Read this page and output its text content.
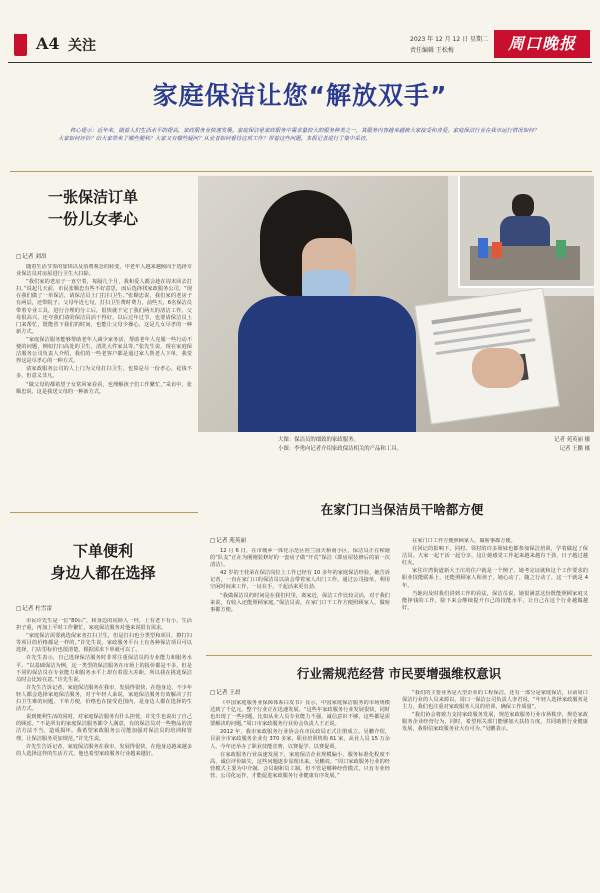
A4 关注	2023 年 12 月 12 日 星期二
责任编辑 王松梅	周口晚报
家庭保洁让您“解放双手”
核心提示：近年来，随着人们生活水平的提高，家政服务业快速发展。家庭保洁是家政服务中需求量较大的服务种类之一，其服务内容越来越被大家接受和喜爱。家庭保洁行业在我市运行情况如何？大家如何评价？给大家带来了哪些便利？大家又有哪些疑问？从业者如何看待这项工作？带着这些问题，本报记者进行了集中采访。
一张保洁订单
一份儿女孝心
□ 记者 刘昂

随着生活节奏的加快以及消费观念的转变，中老年人越来越倾向于选择专业保洁员对房屋进行卫生大扫除。

“我们家的老房子一直空着，每隔几个月，我和爱人都会趁在周末回去打扫。”说起几天前，市民张顺忠有些不好意思，而后选择找家政服务公司。“现在我们做了一单保洁，请保洁员上门打扫卫生。”张顺忠说，我们家的老房子有两层，还带院子。父母年近七旬，打扫卫生费时费力，前些天，6名保洁员带着专业工具，进行合理的分工后，很快就干完了我们两天的清洁工作。父母很高兴，还夸我们请的保洁员活干得好，以后过年过节，也要请保洁员上门来帮忙，既能省下我们的时间，也能让父母少操心，这是儿女尽孝的一种新方式。

“家庭保洁服务能够帮助老年人减少家务活，帮助老年人克服一些行动不便的问题，例如打扫高处的卫生、清洗大件家具等。”张先生说，现在家庭保洁服务公司负责人介绍，我们的一些老客户都是通过家人帮老人下单，我觉得这是尽孝心的一种方式。

请家政服务公司的人上门为父母打扫卫生，也算是尽一份孝心，花钱不多，但意义非凡。

“做父母的都希望子女常回家看看，也理解孩子们工作繁忙，”采访中，张顺忠说，这是我送父母的一种新方式。

大图：保洁员的细致的家政服务。	记者 苑英丽 摄
小图：李勇向记者介绍家政保洁相关的产品和工具。	记者 王鹏 摄
在家门口当保洁员干啥都方便
□ 记者 苑英丽

12 月 6 日，在市城乡一体化示范区桂兰园天桥南小区，保洁员正在和她的“队友”正在为刚刚装修好的一套房子做“开荒”保洁（即房屋装修后的第一次清洁）。

42 岁的王桂荣在保洁岗位上工作已经有 10 多年的家庭保洁经验，她告诉记者，一直在家门口的保洁员以前会带着家人出门工作，通过公司接单，利用空闲时间来工作，一证在手，干起活来更有劲。

“我做保洁员的时间是在我们村里，离家近，保洁工作比较灵活，对于我们来说，有收入还能照顾家庭。”保洁员说，在家门口干工作方便照顾家人，做啥事都方便。

在家门口工作方便照顾家人，做啥事都方便。

在回记的影响下，同村、邻村的许多姐妹也都参加保洁培训，学着做起了保洁员。大家一起干活一起分享，这让她感觉工作起来越来越有干劲，日子越过越红火。

家住许湾街道新大王庄的住户就是一个例子。她考完证就和这个工作要求的职业技能联系上，还能照顾家人和孩子，她心动了，随之行动了，这一干就是 4 年。

当她向及时我们讲到工作的看法，保洁员说，她很满意这份既能照顾家庭又能挣钱的工作，除下来会继续提升自己的技能水平，让自己在这个行业越做越好。

下单便利
身边人都在选择
□ 记者 杜雪雷

市民许先生是一位“80后”，和身边的同龄人一样，上有老下有小，生活担子重，再加上平时工作繁忙，家庭保洁服务对他来说很有需求。

“家庭保洁需要就选保家务打扫卫生，但是打扫也分类型和项目，擦打扫等项目的价格都是一样的。”许先生说，家政服务平台上有各种保洁项目可以选择，门店里标价也很清楚，根据需求下单就可以了。

许先生表示，自己选择保洁服务时非常注重保洁员的专业能力和服务水平。“以基础保洁为例，这一类型的保洁服务在市场上的报价都是不多，但是不同的保洁员在专业能力和服务水平上却有着很大差距，所以我在挑选保洁员时会比较在意。”许先生说。

许先生告诉记者，家庭保洁服务在我市，发展得很快，在他身边，不少年轻人都会选择家庭保洁服务，对于年轻人来说，家庭保洁服务有效解决了打扫卫生难的问题，下单方便，价格也在接受范围内，是身边人都在选择的生活方式。

说到便利生活的同时，对家庭保洁服务有什么担忧，许先生也说出了自己的顾虑。“不是所有的家庭保洁服务都令人满意，有的保洁员对一些物品的清洁方法不当，造成损坏。我希望家政服务公司能加强对保洁员的培训和管理，让保洁服务更加规范。”许先生说。

许先生告诉记者，家庭保洁服务在我市，发展得很快，在他身边越来越多的人选择这样的生活方式，他也希望家政服务行业越来越好。

行业需规范经营 市民要增强维权意识
□ 记者 王晨

《中国家庭服务业保障体系白皮书》显示，中国家庭保洁服务的市场规模达到了千亿元，整个行业正在迅速发展。“这些年家政服务行业发展很快，同时也出现了一些问题，比如从业人员专业能力不强，诚信意识不够，这些都是需要解决的问题。”周口市家政服务行业协会负责人王正说。

2012 年，我市家政服务行业协会在市民政局正式注册成立。吴鹏介绍，目前全市家政服务企业有 370 多家，职业培训机构 61 家，从业人员 15 万余人，今年还举办了职业技能竞赛，以赛促学、以赛促训。

在家政服务行业高速发展下，家庭保洁企业规模偏小、服务标准化程度不高、诚信评价缺失，这些问题逐步显现出来。吴鹏说。“周口家政服务行业的经营模式主要为中介制、会员制和员工制，但不管是哪种经营模式，只有专业经营、公司化运作，才能促进家政服务行业健康有序发展。”

“我们的主要业务是大型企业的工程保洁，还有一部分是家庭保洁，目前周口保洁行业的人员来源以，周口一保洁公司负责人李君说，“年轻人选择家政服务是主力，我们也注重对家政服务人员的培训，确保工作质量”。

“我们协会将致力支持家政服务发展，规范家政服务行业市场秩序，规范家政服务企业经营行为，同时，希望相关部门能够加大扶持力度，共同助推行业健康发展，我相信家政服务业大有可为。”吴鹏表示。
